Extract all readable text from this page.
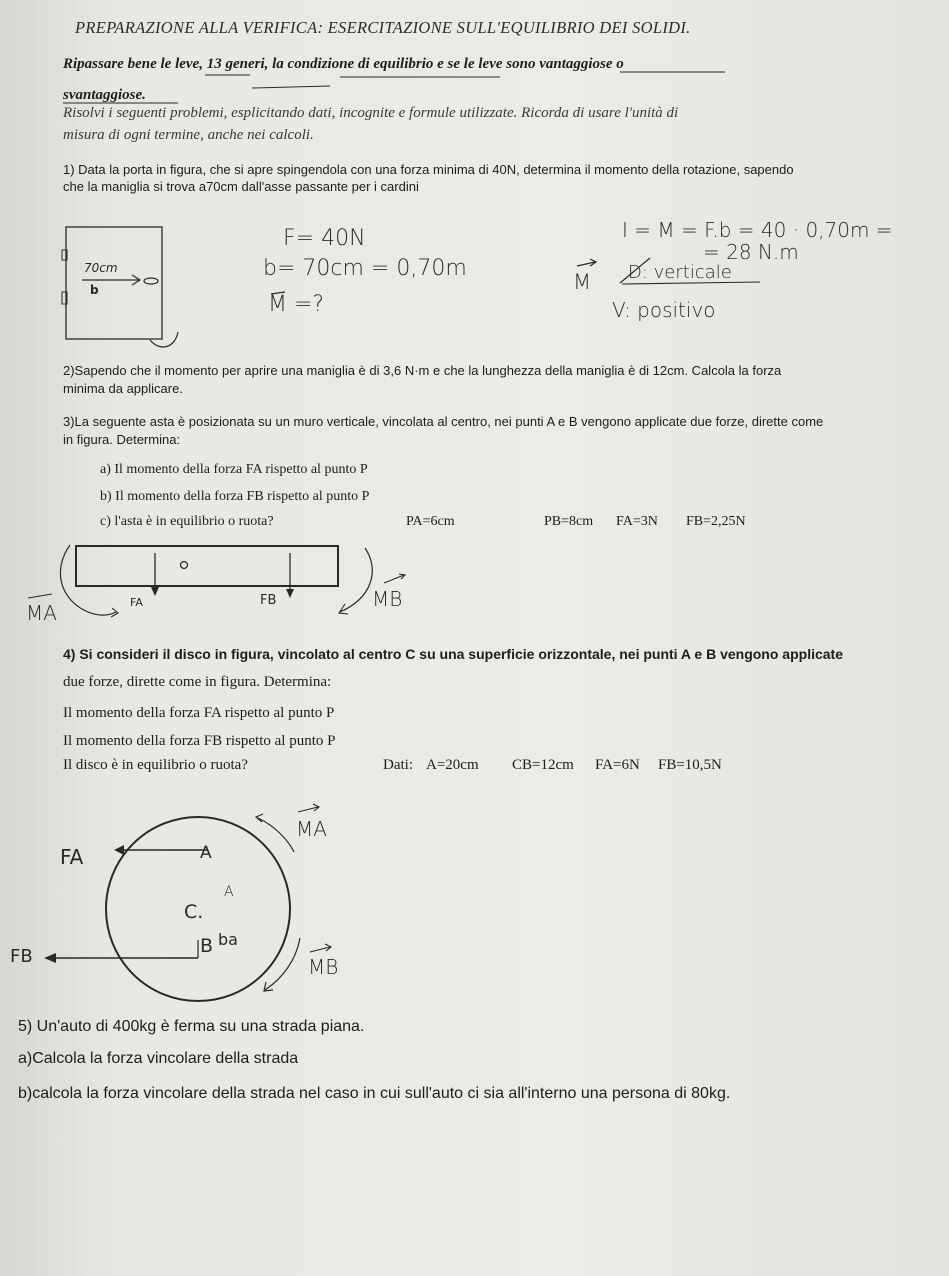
PREPARAZIONE ALLA VERIFICA: ESERCITAZIONE SULL'EQUILIBRIO DEI SOLIDI.
Ripassare bene le leve, 13 generi, la condizione di equilibrio e se le leve sono vantaggiose o
svantaggiose.
Risolvi i seguenti problemi, esplicitando dati, incognite e formule utilizzate. Ricorda di usare l'unità di
misura di ogni termine, anche nei calcoli.
1) Data la porta in figura, che si apre spingendola con una forza minima di 40N, determina il momento della rotazione, sapendo
che la maniglia si trova a70cm dall'asse passante per i cardini
70cm
b
F= 40N
b= 70cm = 0,70m
M =?
I = M = F.b = 40 · 0,70m =
= 28 N.m
M D: verticale
V: positivo
2)Sapendo che il momento per aprire una maniglia è di 3,6 N·m e che la lunghezza della maniglia è di 12cm. Calcola la forza
minima da applicare.
3)La seguente asta è posizionata su un muro verticale, vincolata al centro, nei punti A e B vengono applicate due forze, dirette come
in figura. Determina:
a) Il momento della forza FA rispetto al punto P
b) Il momento della forza FB rispetto al punto P
c) l'asta è in equilibrio o ruota?	PA=6cm	PB=8cm FA=3N FB=2,25N
FA	FB
MA
MB
4) Si consideri il disco in figura, vincolato al centro C su una superficie orizzontale, nei punti A e B vengono applicate
due forze, dirette come in figura. Determina:
Il momento della forza FA rispetto al punto P
Il momento della forza FB rispetto al punto P
Il disco è in equilibrio o ruota?	Dati: A=20cm CB=12cm FA=6N FB=10,5N
FA	A
A
C.
B ba
FB
MA
MB
5) Un'auto di 400kg è ferma su una strada piana.
a)Calcola la forza vincolare della strada
b)calcola la forza vincolare della strada nel caso in cui sull'auto ci sia all'interno una persona di 80kg.
